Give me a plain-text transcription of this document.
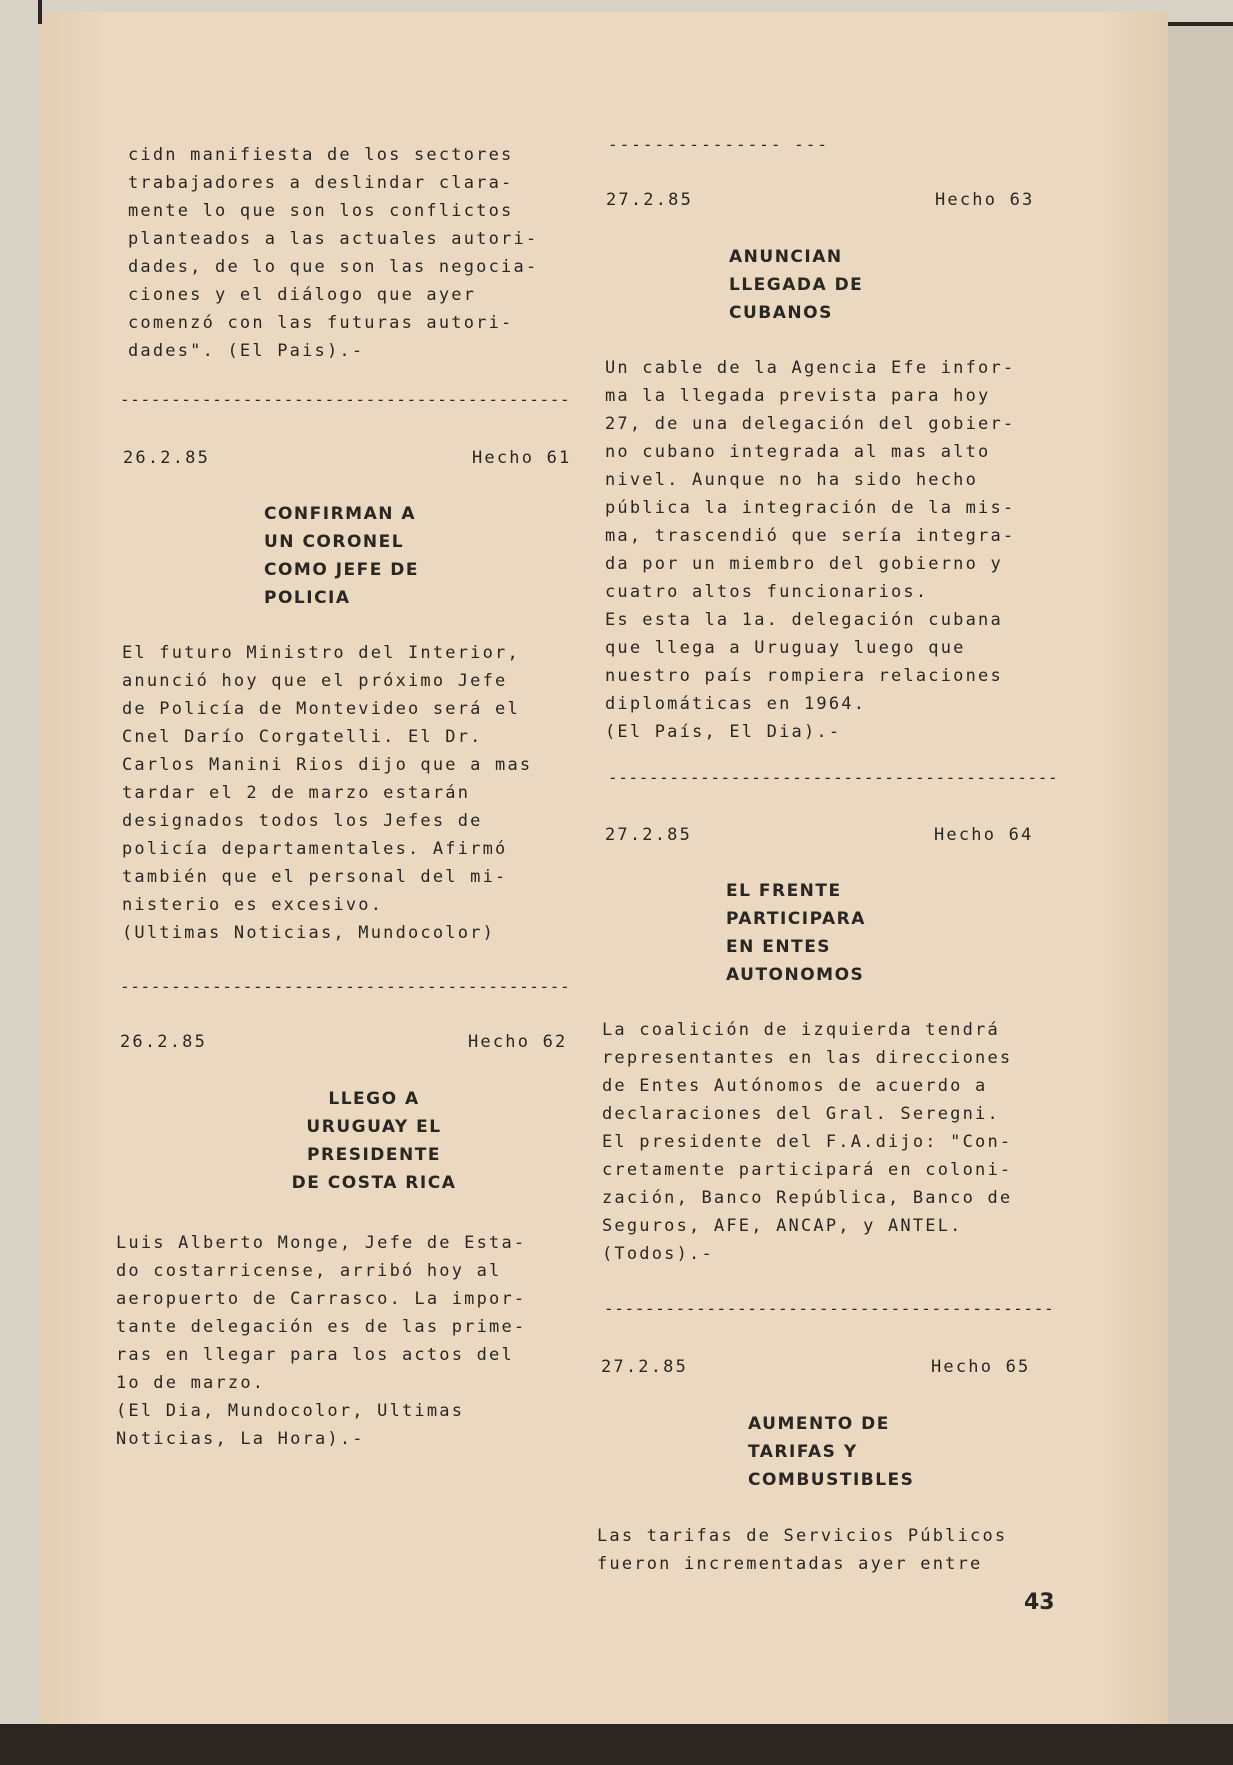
cidn manifiesta de los sectores
trabajadores a deslindar clara-
mente lo que son los conflictos
planteados a las actuales autori-
dades, de lo que son las negocia-
ciones y el diálogo que ayer
comenzó con las futuras autori-
dades". (El Pais).-

--------------------------------------------
26.2.85	Hecho 61

CONFIRMAN A
UN CORONEL
COMO JEFE DE
POLICIA

El futuro Ministro del Interior,
anunció hoy que el próximo Jefe
de Policía de Montevideo será el
Cnel Darío Corgatelli. El Dr.
Carlos Manini Rios dijo que a mas
tardar el 2 de marzo estarán
designados todos los Jefes de
policía departamentales. Afirmó
también que el personal del mi-
nisterio es excesivo.
(Ultimas Noticias, Mundocolor)

--------------------------------------------
26.2.85	Hecho 62

LLEGO A
URUGUAY EL
PRESIDENTE
DE COSTA RICA

Luis Alberto Monge, Jefe de Esta-
do costarricense, arribó hoy al
aeropuerto de Carrasco. La impor-
tante delegación es de las prime-
ras en llegar para los actos del
1o de marzo.
(El Dia, Mundocolor, Ultimas
Noticias, La Hora).-

--------------- ---
27.2.85	Hecho 63

ANUNCIAN
LLEGADA DE
CUBANOS

Un cable de la Agencia Efe infor-
ma la llegada prevista para hoy
27, de una delegación del gobier-
no cubano integrada al mas alto
nivel. Aunque no ha sido hecho
pública la integración de la mis-
ma, trascendió que sería integra-
da por un miembro del gobierno y
cuatro altos funcionarios.
Es esta la 1a. delegación cubana
que llega a Uruguay luego que
nuestro país rompiera relaciones
diplomáticas en 1964.
(El País, El Dia).-

--------------------------------------------
27.2.85	Hecho 64

EL FRENTE
PARTICIPARA
EN ENTES
AUTONOMOS

La coalición de izquierda tendrá
representantes en las direcciones
de Entes Autónomos de acuerdo a
declaraciones del Gral. Seregni.
El presidente del F.A.dijo: "Con-
cretamente participará en coloni-
zación, Banco República, Banco de
Seguros, AFE, ANCAP, y ANTEL.
(Todos).-

--------------------------------------------
27.2.85	Hecho 65

AUMENTO DE
TARIFAS Y
COMBUSTIBLES

Las tarifas de Servicios Públicos
fueron incrementadas ayer entre

43
